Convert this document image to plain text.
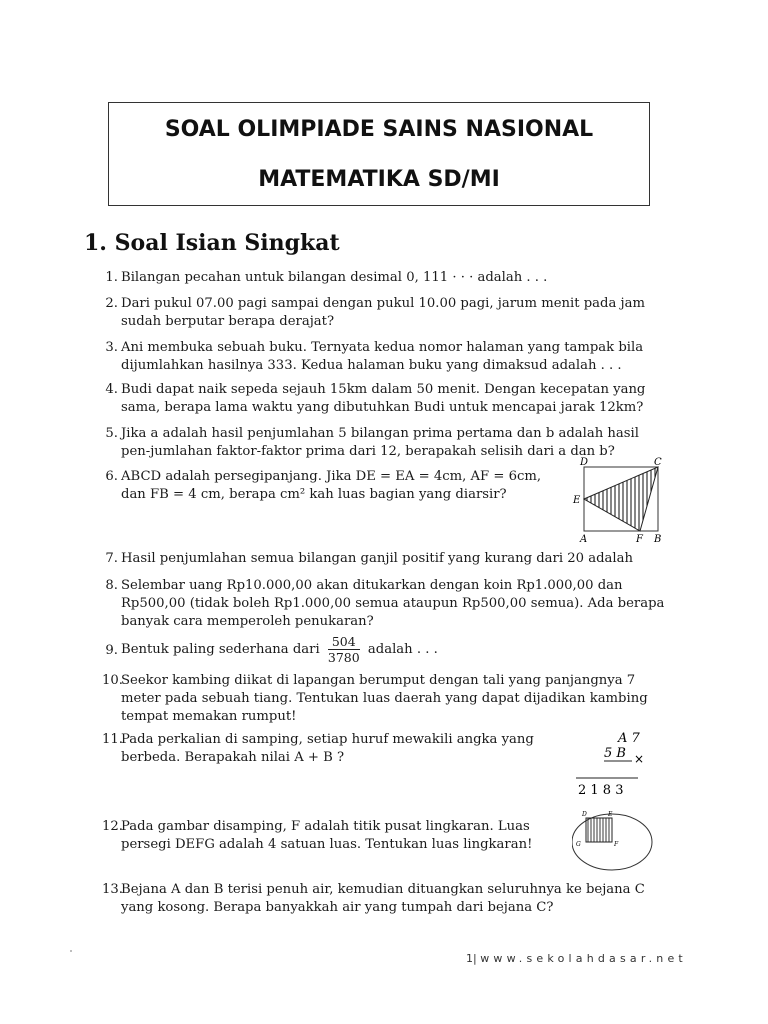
SOAL OLIMPIADE SAINS NASIONAL
MATEMATIKA SD/MI
1. Soal Isian Singkat
1. Bilangan pecahan untuk bilangan desimal 0, 111 · · · adalah . . .
2. Dari pukul 07.00 pagi sampai dengan pukul 10.00 pagi, jarum menit pada jam sudah berputar berapa derajat?
3. Ani membuka sebuah buku. Ternyata kedua nomor halaman yang tampak bila dijumlahkan hasilnya 333. Kedua halaman buku yang dimaksud adalah . . .
4. Budi dapat naik sepeda sejauh 15km dalam 50 menit. Dengan kecepatan yang sama, berapa lama waktu yang dibutuhkan Budi untuk mencapai jarak 12km?
5. Jika a adalah hasil penjumlahan 5 bilangan prima pertama dan b adalah hasil pen-jumlahan faktor-faktor prima dari 12, berapakah selisih dari a dan b?
6. ABCD adalah persegipanjang. Jika DE = EA = 4cm, AF = 6cm, dan FB = 4 cm, berapa cm² kah luas bagian yang diarsir?
D	C
E
A	F B
7. Hasil penjumlahan semua bilangan ganjil positif yang kurang dari 20 adalah
8. Selembar uang Rp10.000,00 akan ditukarkan dengan koin Rp1.000,00 dan Rp500,00 (tidak boleh Rp1.000,00 semua ataupun Rp500,00 semua). Ada berapa banyak cara memperoleh penukaran?
9. Bentuk paling sederhana dari $\frac{504}{3780}$ adalah . . .
10.
Seekor kambing diikat di lapangan berumput dengan tali yang panjangnya 7 meter pada sebuah tiang. Tentukan luas daerah yang dapat dijadikan kambing tempat memakan rumput!
11.
Pada perkalian di samping, setiap huruf mewakili angka yang berbeda. Berapakah nilai A + B ?
A 7
5 B ×
2 1 8 3
12.
Pada gambar disamping, F adalah titik pusat lingkaran. Luas persegi DEFG adalah 4 satuan luas. Tentukan luas lingkaran!
D	E
G	F
13.
Bejana A dan B terisi penuh air, kemudian dituangkan seluruhnya ke bejana C yang kosong. Berapa banyakkah air yang tumpah dari bejana C?
1| www.sekolahdasar.net
